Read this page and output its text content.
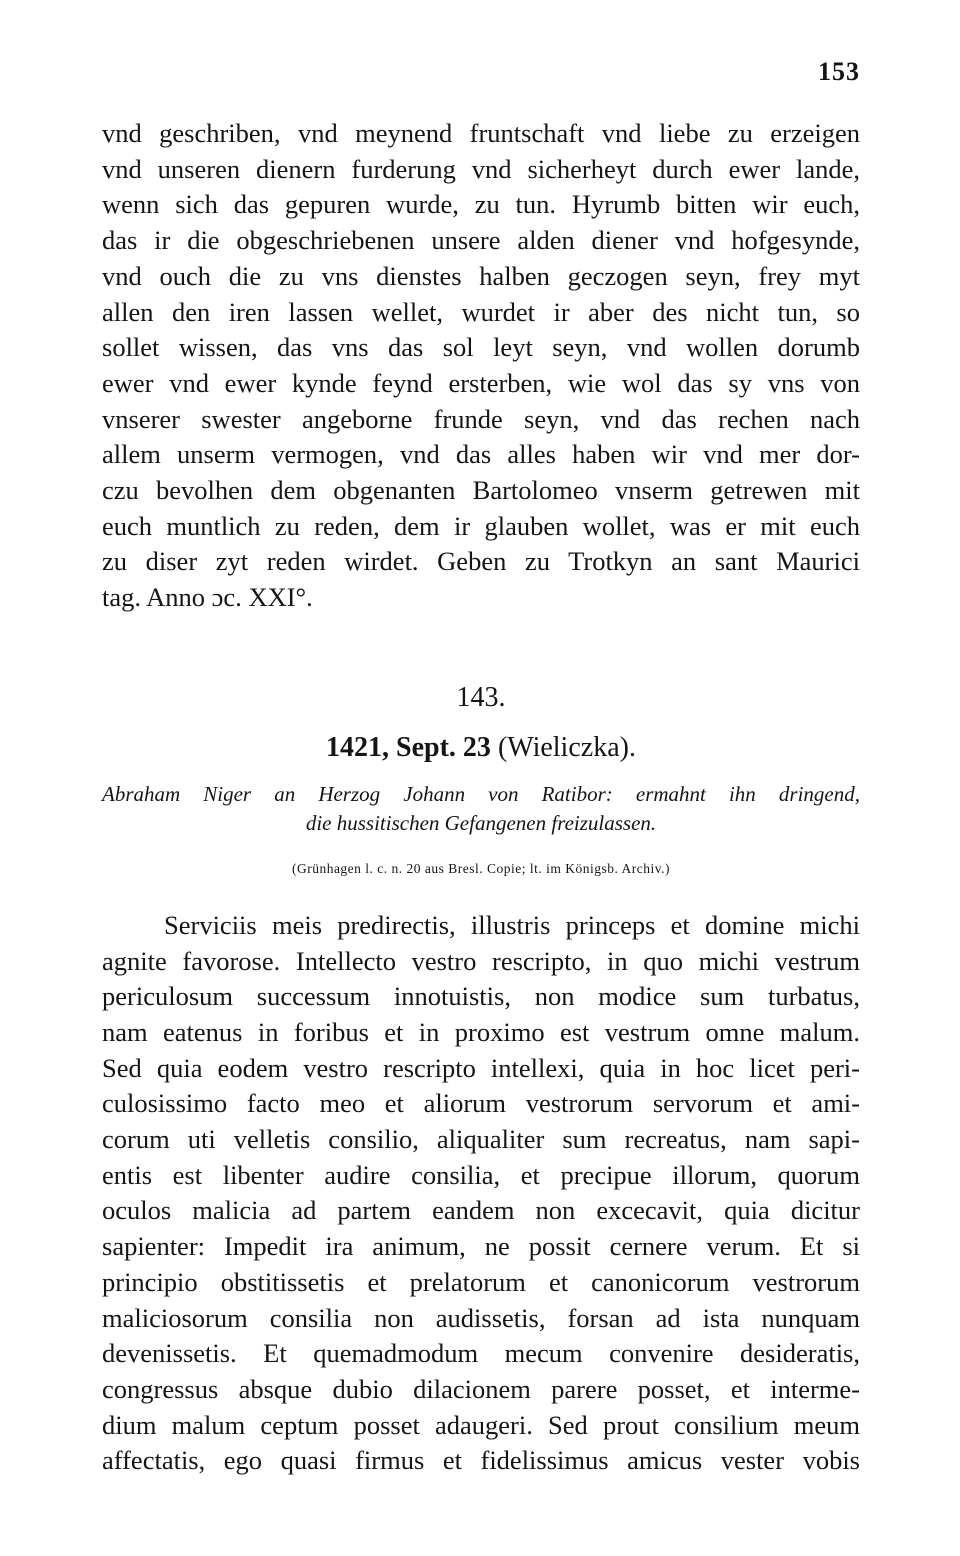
153
vnd geschriben, vnd meynend fruntschaft vnd liebe zu erzeigen
vnd unseren dienern furderung vnd sicherheyt durch ewer lande,
wenn sich das gepuren wurde, zu tun. Hyrumb bitten wir euch,
das ir die obgeschriebenen unsere alden diener vnd hofgesynde,
vnd ouch die zu vns dienstes halben geczogen seyn, frey myt
allen den iren lassen wellet, wurdet ir aber des nicht tun, so
sollet wissen, das vns das sol leyt seyn, vnd wollen dorumb
ewer vnd ewer kynde feynd ersterben, wie wol das sy vns von
vnserer swester angeborne frunde seyn, vnd das rechen nach
allem unserm vermogen, vnd das alles haben wir vnd mer dor-
czu bevolhen dem obgenanten Bartolomeo vnserm getrewen mit
euch muntlich zu reden, dem ir glauben wollet, was er mit euch
zu diser zyt reden wirdet. Geben zu Trotkyn an sant Maurici
tag. Anno ɔc. XXI°.
143.
1421, Sept. 23 (Wieliczka).
Abraham Niger an Herzog Johann von Ratibor: ermahnt ihn dringend,
die hussitischen Gefangenen freizulassen.
(Grünhagen l. c. n. 20 aus Bresl. Copie; lt. im Königsb. Archiv.)
Serviciis meis predirectis, illustris princeps et domine michi
agnite favorose. Intellecto vestro rescripto, in quo michi vestrum
periculosum successum innotuistis, non modice sum turbatus,
nam eatenus in foribus et in proximo est vestrum omne malum.
Sed quia eodem vestro rescripto intellexi, quia in hoc licet peri-
culosissimo facto meo et aliorum vestrorum servorum et ami-
corum uti velletis consilio, aliqualiter sum recreatus, nam sapi-
entis est libenter audire consilia, et precipue illorum, quorum
oculos malicia ad partem eandem non excecavit, quia dicitur
sapienter: Impedit ira animum, ne possit cernere verum. Et si
principio obstitissetis et prelatorum et canonicorum vestrorum
maliciosorum consilia non audissetis, forsan ad ista nunquam
devenissetis. Et quemadmodum mecum convenire desideratis,
congressus absque dubio dilacionem parere posset, et interme-
dium malum ceptum posset adaugeri. Sed prout consilium meum
affectatis, ego quasi firmus et fidelissimus amicus vester vobis
